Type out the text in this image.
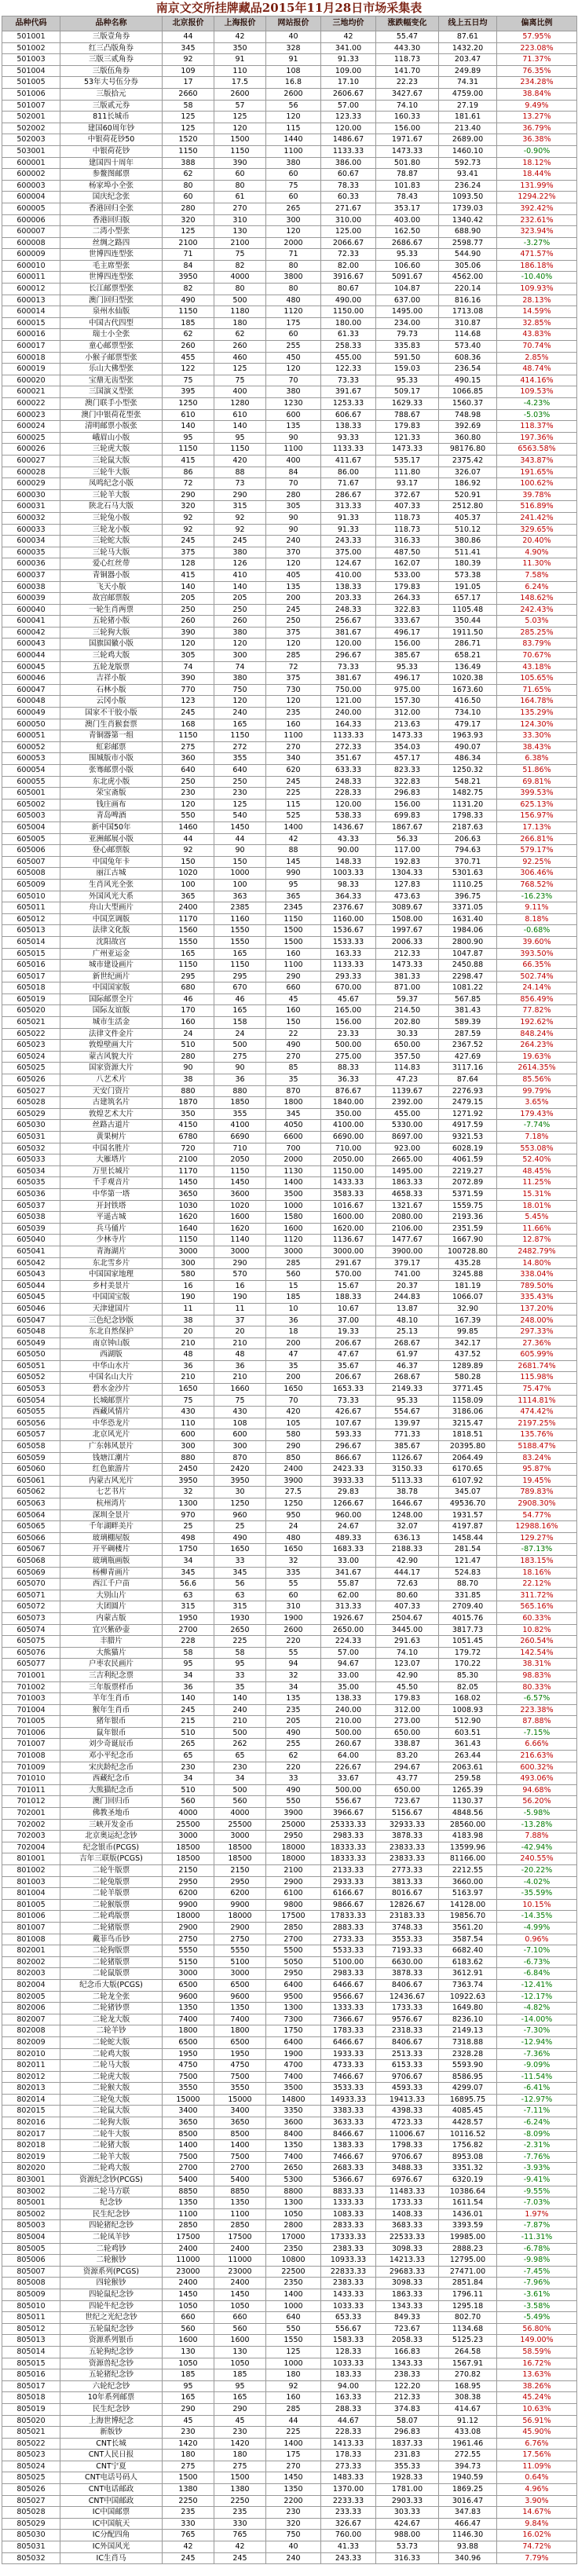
南京文交所挂牌藏品2015年11月28日市场采集表
品种代码	品种名称	北京报价	上海报价	网站报价	三地均价	涨跌幅变化	线上五日均	偏离比例
501001	三版壹角券	44	42	40	42	55.47	87.61	57.95%
501002	红三凸版角券	345	350	328	341.00	443.30	1432.20	223.08%
501003	三版三贰角券	92	91	91	91.33	118.73	203.47	71.37%
501004	三版伍角券	109	110	108	109.00	141.70	249.89	76.35%
501005	53年大号伍分券	17	17.5	16.8	17.10	22.23	74.31	234.28%
501006	三版拾元	2660	2600	2600	2606.67	3427.67	4759.00	38.84%
501007	三版贰元券	58	57	56	57.00	74.10	27.19	9.49%
502001	811长城币	125	125	120	123.33	160.33	181.61	13.27%
502002	建国60周年钞	125	120	115	120.00	156.00	213.40	36.79%
502003	中银荷花钞50	1520	1500	1440	1486.67	1971.67	2689.00	36.38%
503001	中银荷花钞	1150	1150	1100	1133.33	1473.33	1460.10	-0.90%
600001	建国四十周年	388	390	380	386.00	501.80	592.73	18.12%
600002	参鳌图邮票	62	60	60	60.67	78.87	93.41	18.44%
600003	杨家埠小全张	80	80	75	78.33	101.83	236.24	131.99%
600004	国庆纪念张	60	61	60	60.33	78.43	1093.50	1294.22%
600005	香港回归全张	280	270	265	271.67	353.17	1739.03	392.42%
600006	香港回归版	320	310	300	310.00	403.00	1340.42	232.61%
600007	二湾小型张	125	130	120	125.00	162.50	688.90	323.94%
600008	丝绸之路四	2100	2100	2000	2066.67	2686.67	2598.77	-3.27%
600009	世博四连型张	71	75	71	72.33	95.33	544.90	471.57%
600010	毛主席型张	84	82	80	82.00	106.60	305.06	186.18%
600011	世博四连型张	3950	4000	3800	3916.67	5091.67	4562.00	-10.40%
600012	长江邮票型张	82	80	80	80.67	104.87	220.14	109.93%
600013	澳门回归型张	490	500	480	490.00	637.00	816.16	28.13%
600014	泉州水仙版	1150	1180	1120	1150.00	1495.00	1713.08	14.59%
600015	中国古代四型	185	180	175	180.00	234.00	310.87	32.85%
600016	瑞士小全张	62	62	60	61.33	79.73	114.68	43.83%
600017	童心邮票型张	260	260	255	258.33	335.83	573.40	70.74%
600018	小猴子邮票型张	455	460	450	455.00	591.50	608.36	2.85%
600019	乐山大佛型张	122	125	120	122.33	159.03	236.54	48.74%
600020	宝鼎无齿型张	75	75	70	73.33	95.33	490.15	414.16%
600021	三国演义型张	395	400	380	391.67	509.17	1066.85	109.53%
600022	澳门联手小型张	1250	1280	1230	1253.33	1629.33	1560.37	-4.23%
600023	澳门中银荷花型张	610	610	600	606.67	788.67	748.98	-5.03%
600024	清明邮票小版张	140	140	135	138.33	179.83	392.69	118.37%
600025	峨眉山小版	95	95	90	93.33	121.33	360.80	197.36%
600026	三轮虎大版	1150	1150	1100	1133.33	1473.33	98176.80	6563.58%
600027	三轮鼠大版	415	420	400	411.67	535.17	2375.42	343.87%
600028	三轮牛大版	86	88	84	86.00	111.80	326.07	191.65%
600029	凤鸣纪念小版	72	73	70	71.67	93.17	186.92	100.62%
600030	三轮羊大版	290	290	280	286.67	372.67	520.91	39.78%
600031	陕北石马大版	320	315	305	313.33	407.33	2512.80	516.89%
600032	三轮兔小版	92	92	90	91.33	118.73	405.37	241.42%
600033	三轮龙小版	92	92	90	91.33	118.73	510.12	329.65%
600034	三轮蛇大版	245	245	240	243.33	316.33	380.86	20.40%
600035	三轮马大版	375	380	370	375.00	487.50	511.41	4.90%
600036	爱心红丝带	128	126	120	124.67	162.07	180.39	11.30%
600037	青铜器小版	415	410	405	410.00	533.00	573.38	7.58%
600038	飞天小版	140	140	135	138.33	179.83	191.05	6.24%
600039	故宫邮票版	205	205	200	203.33	264.33	657.17	148.62%
600040	一轮生肖两票	250	250	245	248.33	322.83	1105.48	242.43%
600041	五轮猪小版	260	260	250	256.67	333.67	350.44	5.03%
600042	三轮狗大版	390	380	375	381.67	496.17	1911.50	285.25%
600043	国旗国徽小版	120	120	120	120.00	156.00	286.71	83.79%
600044	三轮鸡大版	305	300	285	296.67	385.67	658.21	70.67%
600045	五轮龙版票	74	74	72	73.33	95.33	136.49	43.18%
600046	吉祥小版	390	380	375	381.67	496.17	1020.38	105.65%
600047	石林小版	770	750	730	750.00	975.00	1673.60	71.65%
600048	云冈小版	123	120	120	121.00	157.30	416.50	164.78%
600049	国家不干胶小版	245	240	235	240.00	312.00	734.10	135.29%
600050	澳门生肖猴套票	168	165	160	164.33	213.63	479.17	124.30%
600051	青铜器第一组	1150	1150	1100	1133.33	1473.33	1963.93	33.30%
600052	虹彩邮票	275	272	270	272.33	354.03	490.07	38.43%
600053	围城版市小版	360	355	340	351.67	457.17	486.34	6.38%
600054	张骞邮票小版	640	640	620	633.33	823.33	1250.32	51.86%
600055	东北虎小版	250	250	245	248.33	322.83	548.21	69.81%
605001	荣宝斋版	230	230	225	228.33	296.83	1482.75	399.53%
605002	钱庄画布	120	125	115	120.00	156.00	1131.20	625.13%
605003	青岛啤酒	550	540	525	538.33	699.83	1798.33	156.97%
605004	新中国50年	1460	1450	1400	1436.67	1867.67	2187.63	17.13%
605005	亚洲邮展小版	44	44	42	43.33	56.33	206.63	266.81%
605006	登心邮票版	92	90	88	90.00	117.00	794.63	579.17%
605007	中国兔年卡	150	150	145	148.33	192.83	370.71	92.25%
605008	丽江古城	1020	1000	990	1003.33	1304.33	5301.63	306.46%
605009	生肖风光全张	100	100	95	98.33	127.83	1110.25	768.52%
605010	外国风光大系	365	363	365	364.33	473.63	396.75	-16.23%
605011	舟山大型画片	2400	2385	2345	2376.67	3089.67	3371.05	9.11%
605012	中国烹调版	1170	1160	1150	1160.00	1508.00	1631.40	8.18%
605013	法律文化版	1560	1550	1500	1536.67	1997.67	1984.06	-0.68%
605014	沈阳故宫	1550	1550	1500	1533.33	2006.33	2800.90	39.60%
605015	广州亚运金	165	165	160	163.33	212.33	1047.87	393.50%
605016	城市建设画片	1150	1150	1100	1133.33	1473.33	2450.88	66.35%
605017	新世纪画片	295	295	290	293.33	381.33	2298.47	502.74%
605018	中国国家版	680	670	660	670.00	871.00	1081.22	24.14%
605019	国际邮票全片	46	46	45	45.67	59.37	567.85	856.49%
605020	国际友谊版	170	165	160	165.00	214.50	381.43	77.82%
605021	城市生活金	160	158	150	156.00	202.80	589.39	192.62%
605022	法律文件金片	24	24	22	23.33	30.33	287.59	848.24%
605023	敦煌壁画大片	510	500	490	500.00	650.00	2367.52	264.23%
605024	蒙古风貌大片	280	275	270	275.00	357.50	427.69	19.63%
605025	国家资源大片	90	90	85	88.33	114.83	3117.16	2614.35%
605026	八艺术片	38	36	35	36.33	47.23	87.64	85.56%
605027	天安门资片	880	880	870	876.67	1139.67	2276.93	99.79%
605028	古建筑名片	1870	1850	1800	1840.00	2392.00	2479.15	3.65%
605029	敦煌艺术大片	350	355	345	350.00	455.00	1271.92	179.43%
605030	丝路古道片	4150	4100	4050	4100.00	5330.00	4917.59	-7.74%
605031	黄果树片	6780	6690	6600	6690.00	8697.00	9321.53	7.18%
605032	中国名胜片	720	710	700	710.00	923.00	6028.19	553.08%
605033	大雁塔片	2100	2050	2000	2050.00	2665.00	4061.59	52.40%
605034	万里长城片	1170	1150	1130	1150.00	1495.00	2219.27	48.45%
605035	千手观音片	1450	1450	1400	1433.33	1863.33	2072.89	11.25%
605036	中华第一塔	3650	3600	3500	3583.33	4658.33	5371.59	15.31%
605037	开封铁塔	1030	1020	1000	1016.67	1321.67	1559.75	18.01%
605038	平遥古城	1620	1600	1580	1600.00	2080.00	2193.36	5.45%
605039	兵马俑片	1640	1620	1600	1620.00	2106.00	2351.59	11.66%
605040	少林寺片	1150	1140	1120	1136.67	1477.67	1667.90	12.87%
605041	青海湖片	3000	3000	3000	3000.00	3900.00	100728.80	2482.79%
605042	东北雪乡片	300	290	285	291.67	379.17	435.28	14.80%
605043	中国国家地理	580	570	560	570.00	741.00	3245.88	338.04%
605044	乡村美景片	16	16	15	15.67	20.37	181.19	789.50%
605045	中国国宝版	190	190	185	188.33	244.83	1066.07	335.43%
605046	天津建国片	11	11	10	10.67	13.87	32.90	137.20%
605047	三色纪念钞版	38	37	36	37.00	48.10	167.39	248.00%
605048	东北自然保护	20	20	18	19.33	25.13	99.85	297.33%
605049	南京钟山版	210	210	200	206.67	268.67	342.17	27.36%
605050	西湖版	48	48	47	47.67	61.97	437.52	605.99%
605051	中华山水片	36	36	35	35.67	46.37	1289.89	2681.74%
605052	中国名山大片	210	210	200	206.67	268.67	580.28	115.98%
605053	碧水金沙片	1650	1660	1650	1653.33	2149.33	3771.45	75.47%
605054	长城邮票片	75	75	70	73.33	95.33	1158.09	1114.81%
605055	西藏风情片	430	430	420	426.67	554.67	3186.06	474.42%
605056	中华恐龙片	110	108	105	107.67	139.97	3215.47	2197.25%
605057	北京风光片	600	600	580	593.33	771.33	1818.51	135.76%
605058	广东韩风景片	300	300	290	296.67	385.67	20395.80	5188.47%
605059	钱塘江潮片	880	870	850	866.67	1126.67	2064.49	83.24%
605060	红色旅游片	2450	2420	2400	2423.33	3150.33	6170.65	95.87%
605061	内蒙古风光片	3950	3950	3900	3933.33	5113.33	6107.92	19.45%
605062	七艺书片	32	30	27.5	29.83	38.78	345.07	789.83%
605063	杭州湾片	1300	1250	1250	1266.67	1646.67	49536.70	2908.30%
605064	深圳全景片	970	960	950	960.00	1248.00	1931.57	54.77%
605065	千年湖畔美片	25	25	24	24.67	32.07	4197.87	12988.16%
605066	玻璃棚屋版	498	490	480	489.33	636.13	1458.44	129.27%
605067	开平碉楼片	1750	1650	1650	1683.33	2188.33	281.54	-87.13%
605068	玻璃瓶画版	34	33	32	33.00	42.90	121.47	183.15%
605069	杨柳青画片	345	345	335	341.67	444.17	524.83	18.16%
605070	西江千户苗	56.6	56	55	55.87	72.63	88.70	22.12%
605071	大别山片	63	63	60	62.00	80.60	331.85	311.72%
605072	大团圆片	315	315	310	313.33	407.33	2709.40	565.16%
605073	内蒙古版	1950	1930	1900	1926.67	2504.67	4015.76	60.33%
605074	宜兴紫砂壶	2700	2650	2600	2650.00	3445.00	3817.73	10.82%
605075	丰腊片	228	225	220	224.33	291.63	1051.45	260.54%
605076	大熊猫片	58	58	55	57.00	74.10	179.72	142.54%
605077	户枣农民画片	95	95	94	94.67	123.07	170.22	38.31%
701001	三吉利纪念票	34	33	32	33.00	42.90	85.30	98.83%
701002	三年版票样币	36	35	34	35.00	45.50	82.05	80.33%
701003	羊年生肖币	140	140	135	138.33	179.83	168.02	-6.57%
701004	猴年生肖币	245	240	235	240.00	312.00	1008.93	223.38%
701005	猪年银币	215	210	205	210.00	273.00	512.90	87.88%
701006	鼠年银币	510	500	490	500.00	650.00	603.51	-7.15%
701007	刘少奇诞辰币	265	262	255	260.67	338.87	361.43	6.66%
701008	邓小平纪念币	65	65	62	64.00	83.20	263.44	216.63%
701009	宋庆龄纪念币	230	230	220	226.67	294.67	2063.61	600.32%
701010	西藏纪念币	34	34	33	33.67	43.77	259.58	493.06%
701011	大熊猫纪念币	510	500	490	500.00	650.00	1265.39	94.68%
701012	澳门回归币	560	560	550	556.67	723.67	1130.37	56.20%
702001	佛教圣地币	4000	4000	3900	3966.67	5156.67	4848.56	-5.98%
702002	三峡开发金币	25500	25500	25000	25333.33	32933.33	28560.00	-13.28%
702003	北京奥运纪念钞	3000	3000	2950	2983.33	3878.33	4183.98	7.88%
702004	纪念银币(PCGS)	18500	18500	18000	18333.33	23833.33	13599.96	-42.94%
801001	吉年三联版(PCGS)	18500	18500	18000	18333.33	23833.33	81166.00	240.55%
801002	二轮牛版票	2150	2150	2100	2133.33	2773.33	2212.55	-20.22%
801003	二轮兔版票	2950	2950	2900	2933.33	3813.33	3660.00	-4.02%
801004	二轮羊版票	6200	6200	6100	6166.67	8016.67	5163.97	-35.59%
801005	二轮猴版票	9900	9900	9800	9866.67	12826.67	14128.00	10.15%
801006	二轮鸡版票	18000	18000	17500	17833.33	23183.33	19856.70	-14.35%
801007	二轮猪版票	2900	2900	2850	2883.33	3748.33	3561.20	-4.99%
801008	戴菲鸟币钞	2750	2750	2700	2733.33	3553.33	3587.54	0.96%
802001	二轮狗版票	5550	5550	5500	5533.33	7193.33	6682.40	-7.10%
802002	二轮猪版票	5150	5100	5050	5100.00	6630.00	6183.62	-6.73%
802003	二轮鼠版票	3000	3000	2950	2983.33	3878.33	3612.91	-6.84%
802004	纪念币大版(PCGS)	6500	6500	6400	6466.67	8406.67	7363.74	-12.41%
802005	二轮龙全张	9600	9600	9500	9566.67	12436.67	10922.63	-12.17%
802006	二轮猪钞票	1350	1350	1300	1333.33	1733.33	1649.80	-4.82%
802007	二轮龙大版	7400	7400	7300	7366.67	9576.67	8236.10	-14.00%
802008	二轮羊钞	1800	1800	1750	1783.33	2318.33	2149.13	-7.30%
802009	二轮蛇大版	6500	6500	6400	6466.67	8406.67	7318.88	-12.94%
802010	二轮鸡大版	1950	1950	1900	1933.33	2513.33	2328.28	-7.36%
802011	二轮马大版	4750	4750	4700	4733.33	6153.33	5593.90	-9.09%
802012	二轮虎大版	7500	7500	7400	7466.67	9706.67	8586.95	-11.54%
802013	二轮猴大版	3550	3550	3500	3533.33	4593.33	4299.07	-6.41%
802014	二轮兔大版	15000	15000	14800	14933.33	19413.33	16895.75	-12.97%
802015	二轮鼠大版	3400	3400	3350	3383.33	4398.33	4085.45	-7.11%
802016	二轮狗大版	3650	3650	3600	3633.33	4723.33	4428.57	-6.24%
802017	二轮牛大版	8500	8500	8400	8466.67	11006.67	10116.52	-8.09%
802018	二轮猪大版	1400	1400	1350	1383.33	1798.33	1756.82	-2.31%
802019	二轮羊大版	7500	7500	7400	7466.67	9706.67	8953.08	-7.76%
802020	二轮鸡大版	2700	2700	2650	2683.33	3488.33	3351.32	-3.93%
803001	资源纪念钞(PCGS)	5400	5400	5300	5366.67	6976.67	6320.19	-9.41%
803002	二轮马方联	8850	8850	8800	8833.33	11483.33	10386.64	-9.55%
805001	纪念钞	1350	1350	1300	1333.33	1733.33	1611.54	-7.03%
805002	民生纪念钞	1100	1100	1050	1083.33	1408.33	1436.01	1.97%
805003	四轮猪纪念钞	2850	2850	2800	2833.33	3683.33	3393.59	-7.87%
805004	二轮凤羊钞	17500	17500	17000	17333.33	22533.33	19985.00	-11.31%
805005	二轮鸡钞	2400	2400	2350	2383.33	3098.33	2888.23	-6.78%
805006	二轮猴钞	11000	11000	10800	10933.33	14213.33	12795.00	-9.98%
805007	资源系列(PCGS)	23000	23000	22500	22833.33	29683.33	27471.00	-7.45%
805008	四轮猴钞	2400	2400	2350	2383.33	3098.33	2851.84	-7.96%
805009	四轮鼠纪念钞	1450	1450	1400	1433.33	1863.33	1796.11	-3.61%
805010	四轮牛纪念钞	1050	1050	1000	1033.33	1343.33	1295.18	-3.58%
805011	世纪之光纪念钞	660	660	640	653.33	849.33	802.70	-5.49%
805012	五轮鼠纪念钞	560	560	550	556.67	723.67	1134.68	56.80%
805013	资源系列银币	1600	1600	1550	1583.33	2058.33	5125.23	149.00%
805014	五轮狗纪念钞	130	130	125	128.33	166.83	264.58	58.59%
805015	资源兽纪念钞	1050	1050	1000	1033.33	1343.33	1567.91	16.72%
805016	五轮猪纪念钞	185	185	180	183.33	238.33	270.82	13.63%
805017	六轮纪念钞	95	95	92	94.00	122.20	168.95	38.26%
805018	10年系列邮票	165	165	160	163.33	212.33	308.38	45.24%
805019	民生纪念钞	290	290	285	288.33	374.83	414.67	10.63%
805020	上海世博纪念	45	45	44	44.67	58.07	91.12	56.91%
805021	新版钞	230	230	225	228.33	296.83	433.08	45.90%
805022	CNT长城	1420	1420	1400	1413.33	1837.33	1961.46	6.76%
805023	CNT人民日报	180	180	175	178.33	231.83	272.55	17.56%
805024	CNT宁夏	275	275	270	273.33	355.33	394.73	11.09%
805025	CNT电话号码人	1500	1500	1450	1483.33	1928.33	1940.59	0.64%
805026	CNT电话邮政	1380	1380	1350	1370.00	1781.00	1869.25	4.96%
805027	CNT中国邮政	2250	2250	2200	2233.33	2903.33	3016.47	3.90%
805028	IC中国邮票	235	235	230	233.33	303.33	347.83	14.67%
805029	IC中国航天	330	330	320	326.67	424.67	466.47	9.84%
805030	IC分配四角	765	765	750	760.00	988.00	1146.30	16.02%
805031	IC外国风光	42	42	40	41.33	53.73	93.88	74.72%
805032	IC生肖马	245	245	240	243.33	316.33	340.96	7.79%
